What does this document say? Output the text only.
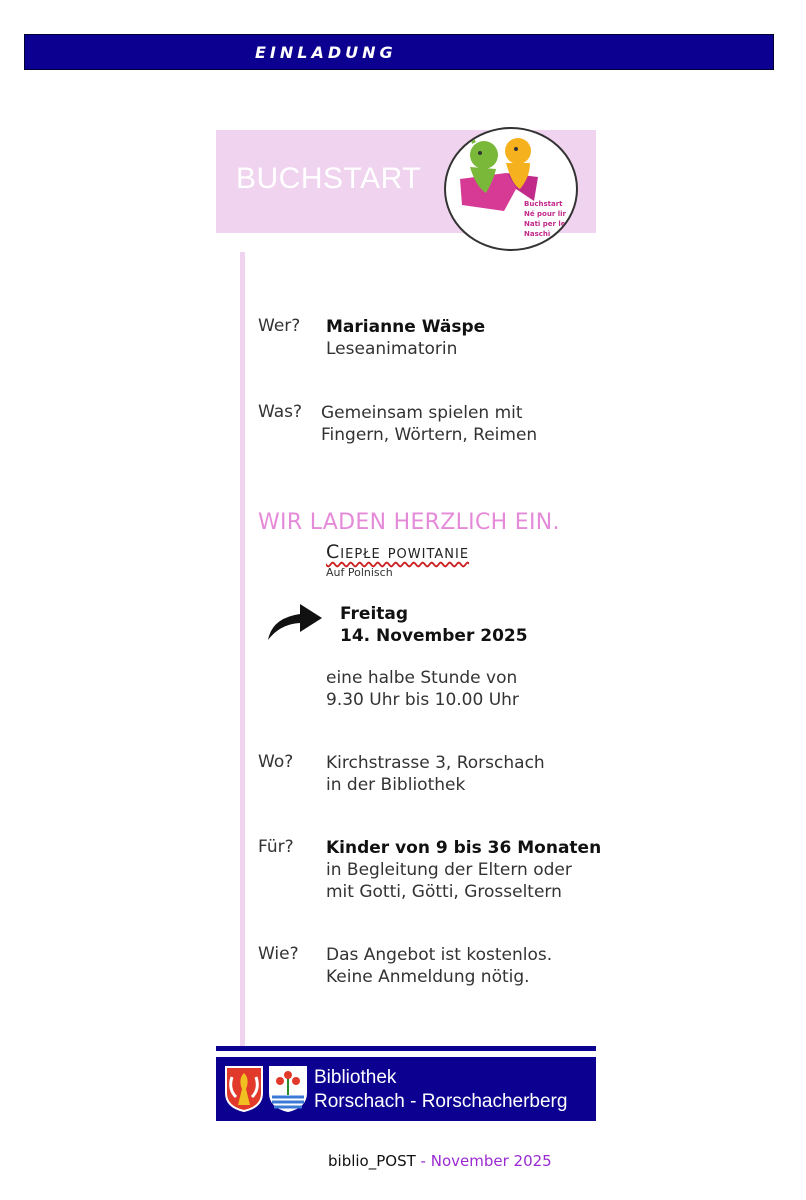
EINLADUNG
BUCHSTART
Buchstart
Né pour lir
Nati per le
Naschì
Wer? Marianne Wäspe
Leseanimatorin
Was? Gemeinsam spielen mit
Fingern, Wörtern, Reimen
WIR LADEN HERZLICH EIN.
Ciepłe powitanie
Auf Polnisch
Freitag
14. November 2025
eine halbe Stunde von
9.30 Uhr bis 10.00 Uhr
Wo? Kirchstrasse 3, Rorschach
in der Bibliothek
Für? Kinder von 9 bis 36 Monaten
in Begleitung der Eltern oder
mit Gotti, Götti, Grosseltern
Wie? Das Angebot ist kostenlos.
Keine Anmeldung nötig.
Bibliothek
Rorschach - Rorschacherberg
biblio_POST - November 2025
